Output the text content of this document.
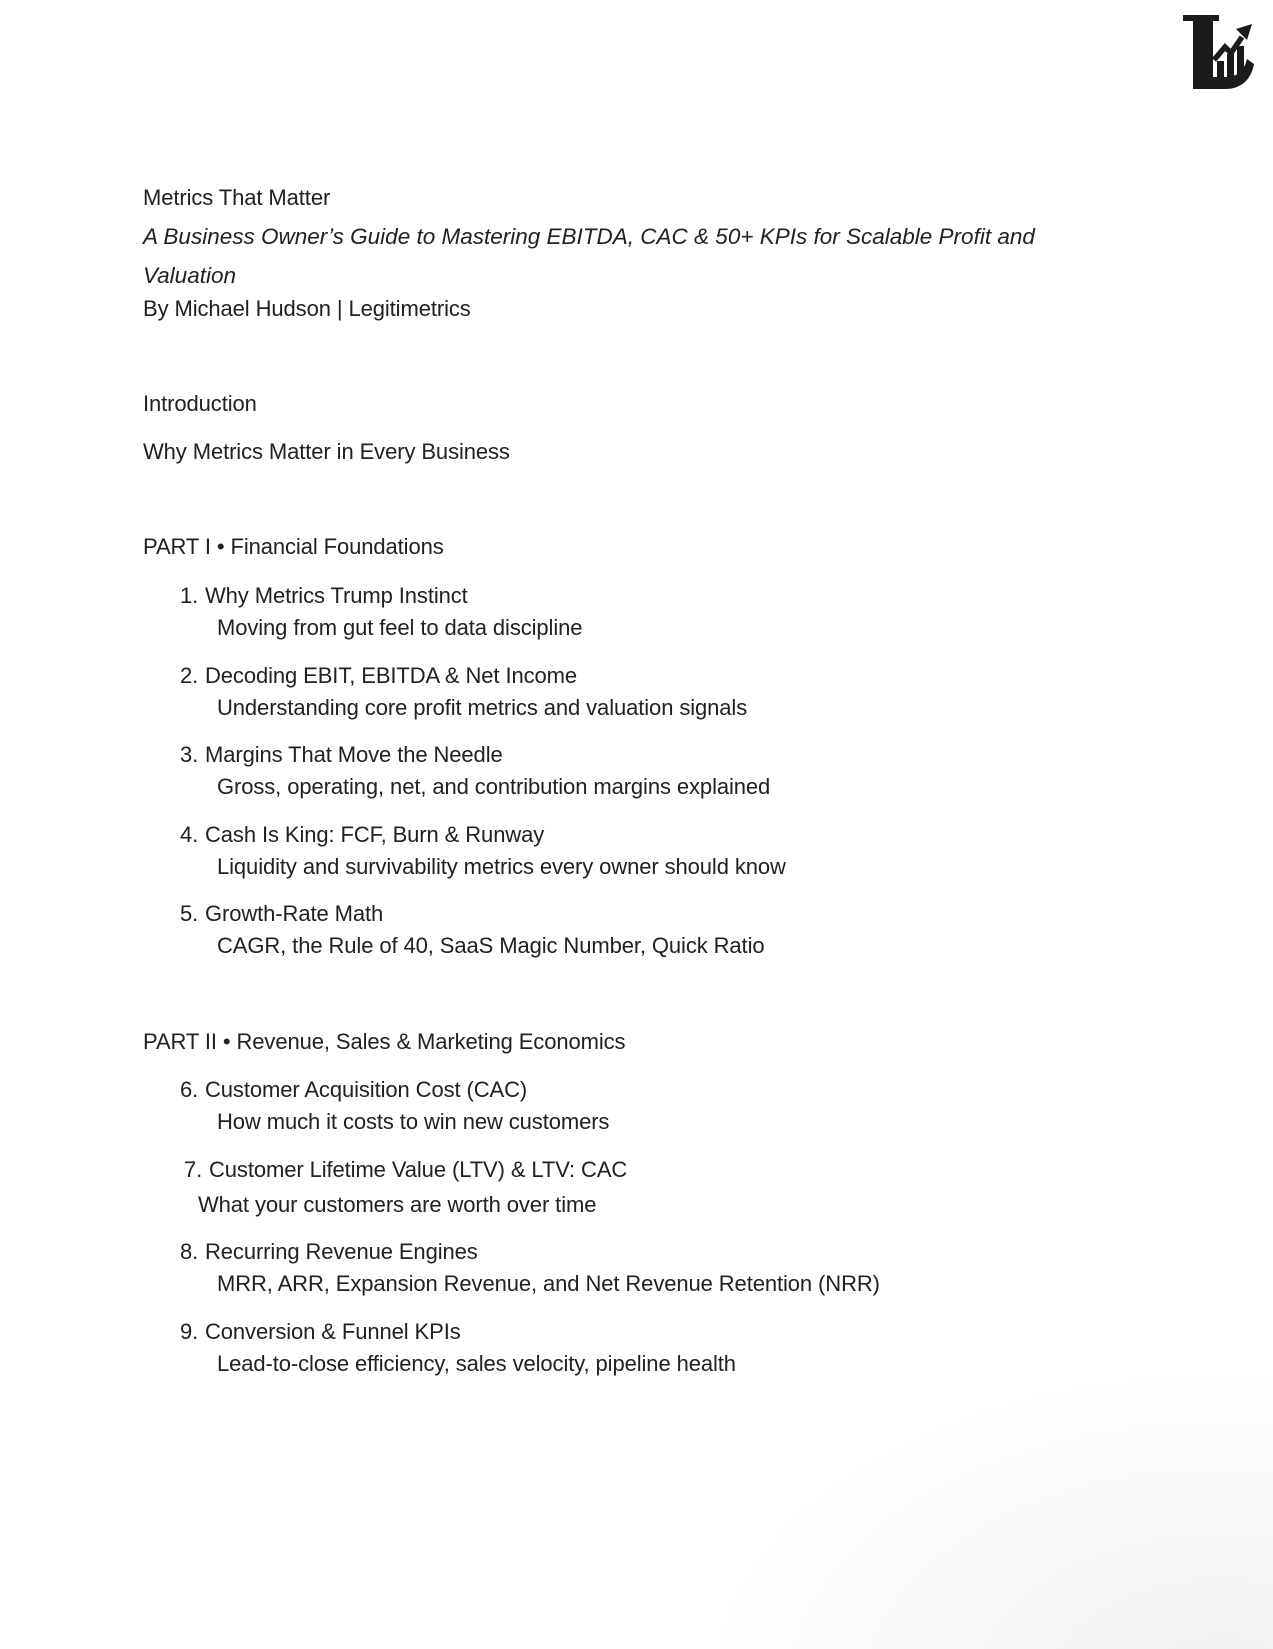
Metrics That Matter
A Business Owner’s Guide to Mastering EBITDA, CAC & 50+ KPIs for Scalable Profit and
Valuation
By Michael Hudson | Legitimetrics
Introduction
Why Metrics Matter in Every Business
PART I • Financial Foundations
1. Why Metrics Trump Instinct
Moving from gut feel to data discipline
2. Decoding EBIT, EBITDA & Net Income
Understanding core profit metrics and valuation signals
3. Margins That Move the Needle
Gross, operating, net, and contribution margins explained
4. Cash Is King: FCF, Burn & Runway
Liquidity and survivability metrics every owner should know
5. Growth-Rate Math
CAGR, the Rule of 40, SaaS Magic Number, Quick Ratio
PART II • Revenue, Sales & Marketing Economics
6. Customer Acquisition Cost (CAC)
How much it costs to win new customers
7. Customer Lifetime Value (LTV) & LTV: CAC
What your customers are worth over time
8. Recurring Revenue Engines
MRR, ARR, Expansion Revenue, and Net Revenue Retention (NRR)
9. Conversion & Funnel KPIs
Lead-to-close efficiency, sales velocity, pipeline health
